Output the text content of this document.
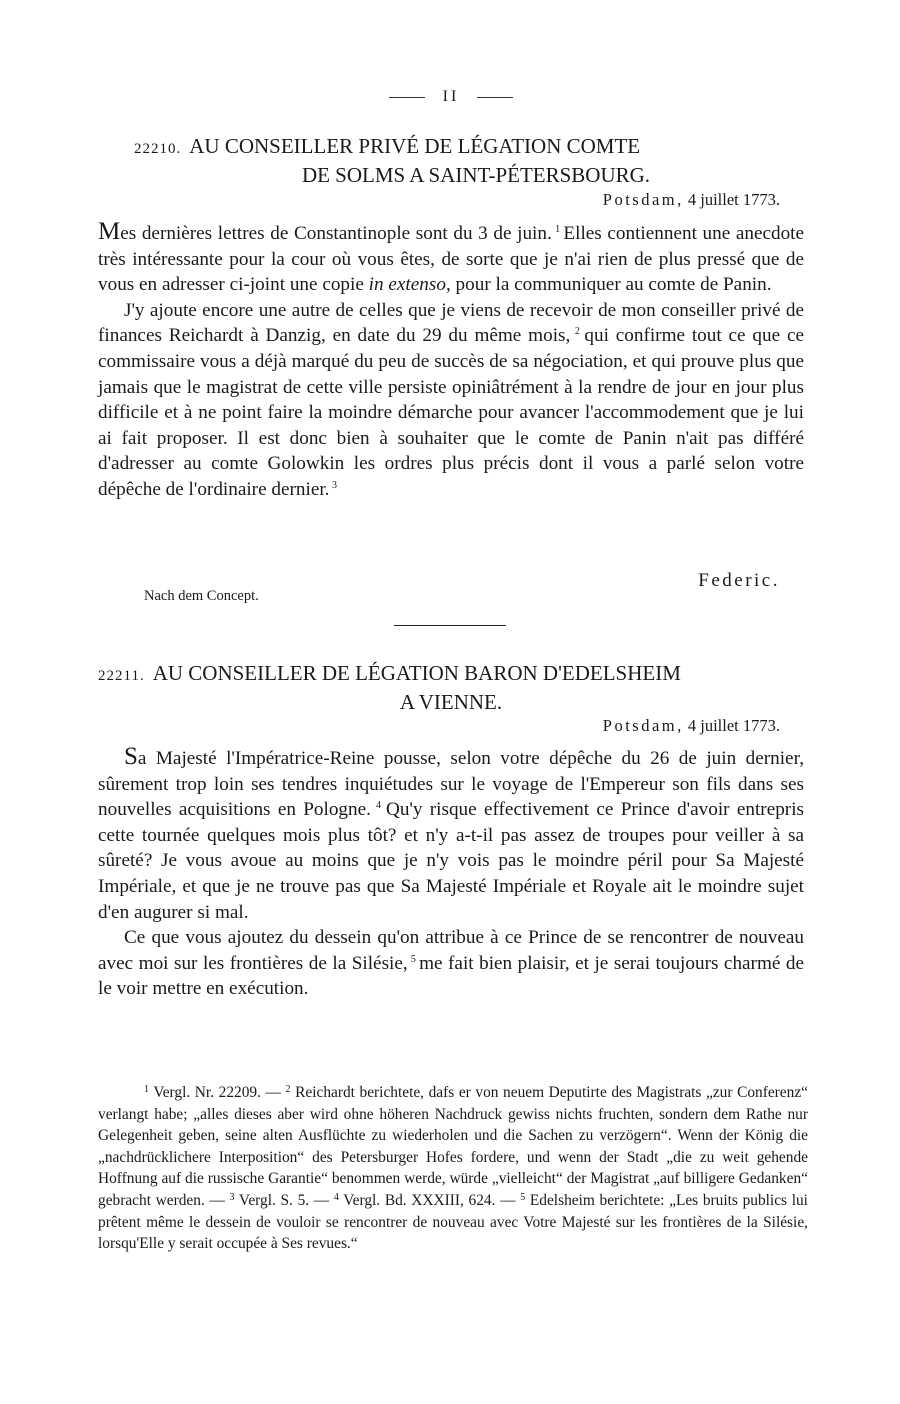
II
22210. AU CONSEILLER PRIVÉ DE LÉGATION COMTE
DE SOLMS A SAINT-PÉTERSBOURG.
Potsdam, 4 juillet 1773.

Mes dernières lettres de Constantinople sont du 3 de juin. $^1$ Elles contiennent une anecdote très intéressante pour la cour où vous êtes, de sorte que je n'ai rien de plus pressé que de vous en adresser ci-joint une copie in extenso, pour la communiquer au comte de Panin.

J'y ajoute encore une autre de celles que je viens de recevoir de mon conseiller privé de finances Reichardt à Danzig, en date du 29 du même mois, $^2$ qui confirme tout ce que ce commissaire vous a déjà marqué du peu de succès de sa négociation, et qui prouve plus que jamais que le magistrat de cette ville persiste opiniâtrément à la rendre de jour en jour plus difficile et à ne point faire la moindre démarche pour avancer l'accommodement que je lui ai fait proposer. Il est donc bien à souhaiter que le comte de Panin n'ait pas différé d'adresser au comte Golowkin les ordres plus précis dont il vous a parlé selon votre dépêche de l'ordinaire dernier. $^3$

Federic.
Nach dem Concept.
22211. AU CONSEILLER DE LÉGATION BARON D'EDELSHEIM
A VIENNE.
Potsdam, 4 juillet 1773.

Sa Majesté l'Impératrice-Reine pousse, selon votre dépêche du 26 de juin dernier, sûrement trop loin ses tendres inquiétudes sur le voyage de l'Empereur son fils dans ses nouvelles acquisitions en Pologne. $^4$ Qu'y risque effectivement ce Prince d'avoir entrepris cette tournée quelques mois plus tôt? et n'y a-t-il pas assez de troupes pour veiller à sa sûreté? Je vous avoue au moins que je n'y vois pas le moindre péril pour Sa Majesté Impériale, et que je ne trouve pas que Sa Majesté Impériale et Royale ait le moindre sujet d'en augurer si mal.

Ce que vous ajoutez du dessein qu'on attribue à ce Prince de se rencontrer de nouveau avec moi sur les frontières de la Silésie, $^5$ me fait bien plaisir, et je serai toujours charmé de le voir mettre en exécution.

$^1$ Vergl. Nr. 22209. — $^2$ Reichardt berichtete, dafs er von neuem Deputirte des Magistrats „zur Conferenz“ verlangt habe; „alles dieses aber wird ohne höheren Nachdruck gewiss nichts fruchten, sondern dem Rathe nur Gelegenheit geben, seine alten Ausflüchte zu wiederholen und die Sachen zu verzögern“. Wenn der König die „nachdrücklichere Interposition“ des Petersburger Hofes fordere, und wenn der Stadt „die zu weit gehende Hoffnung auf die russische Garantie“ benommen werde, würde „vielleicht“ der Magistrat „auf billigere Gedanken“ gebracht werden. — $^3$ Vergl. S. 5. — $^4$ Vergl. Bd. XXXIII, 624. — $^5$ Edelsheim berichtete: „Les bruits publics lui prêtent même le dessein de vouloir se rencontrer de nouveau avec Votre Majesté sur les frontières de la Silésie, lorsqu'Elle y serait occupée à Ses revues.“
